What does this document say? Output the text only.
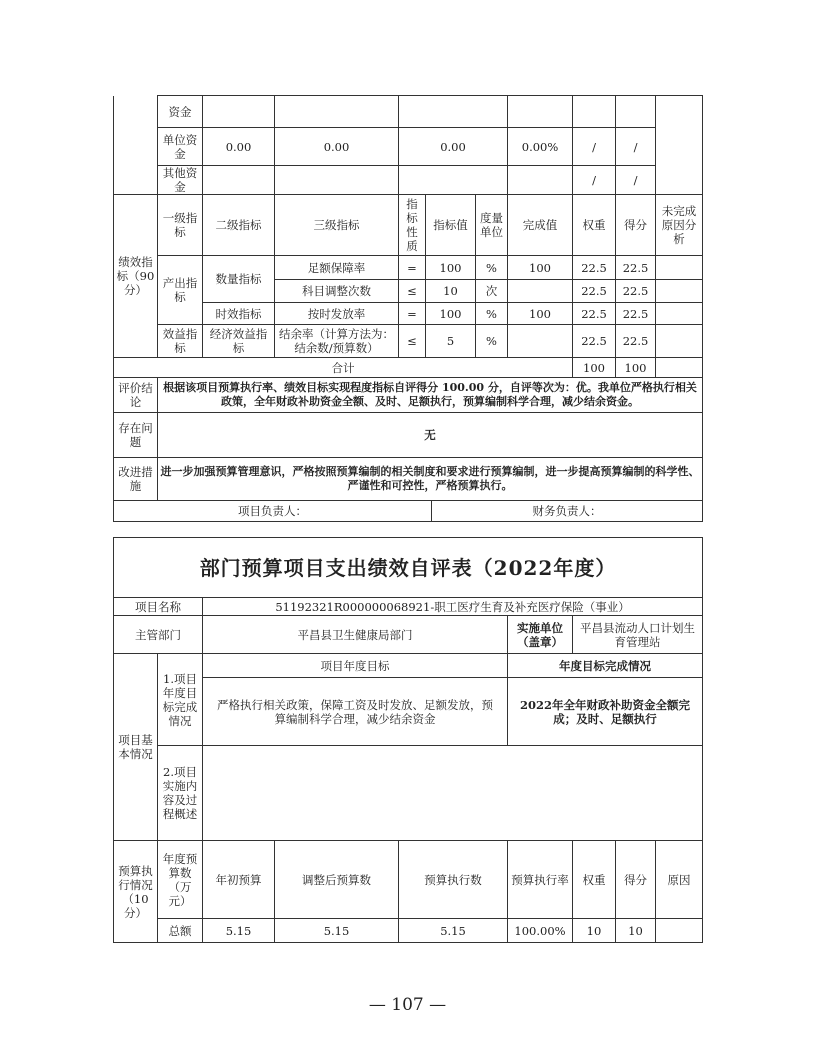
	资金									
	单位资金	0.00	0.00	0.00			0.00%	/	/	
	其他资金							/	/	
绩效指标（90分）	一级指标	二级指标	三级指标	指标性质	指标值	度量单位	完成值	权重	得分	未完成原因分析
	产出指标	数量指标	足额保障率	=	100	%	100	22.5	22.5	
			科目调整次数	≤	10	次		22.5	22.5	
		时效指标	按时发放率	=	100	%	100	22.5	22.5	
	效益指标	经济效益指标	结余率（计算方法为：结余数/预算数）	≤	5	%		22.5	22.5	
合计								100	100	
评价结论	根据该项目预算执行率、绩效目标实现程度指标自评得分 100.00 分，自评等次为：优。我单位严格执行相关政策，全年财政补助资金全额、及时、足额执行，预算编制科学合理，减少结余资金。									
存在问题	无									
改进措施	进一步加强预算管理意识，严格按照预算编制的相关制度和要求进行预算编制，进一步提高预算编制的科学性、严谨性和可控性，严格预算执行。									

项目负责人： 财务负责人：										
部门预算项目支出绩效自评表（2022年度）								
项目名称		51192321R000000068921-职工医疗生育及补充医疗保险（事业）						
主管部门		平昌县卫生健康局部门			实施单位（盖章）	平昌县流动人口计划生育管理站		
项目基本情况	1.项目年度目标完成情况	项目年度目标			年度目标完成情况			
		严格执行相关政策，保障工资及时发放、足额发放，预算编制科学合理，减少结余资金			2022年全年财政补助资金全额完成；及时、足额执行			
	2.项目实施内容及过程概述							
预算执行情况（10分）	年度预算数（万元）	年初预算	调整后预算数	预算执行数	预算执行率	权重	得分	原因
	总额	5.15	5.15	5.15	100.00%	10	10	
— 107 —
